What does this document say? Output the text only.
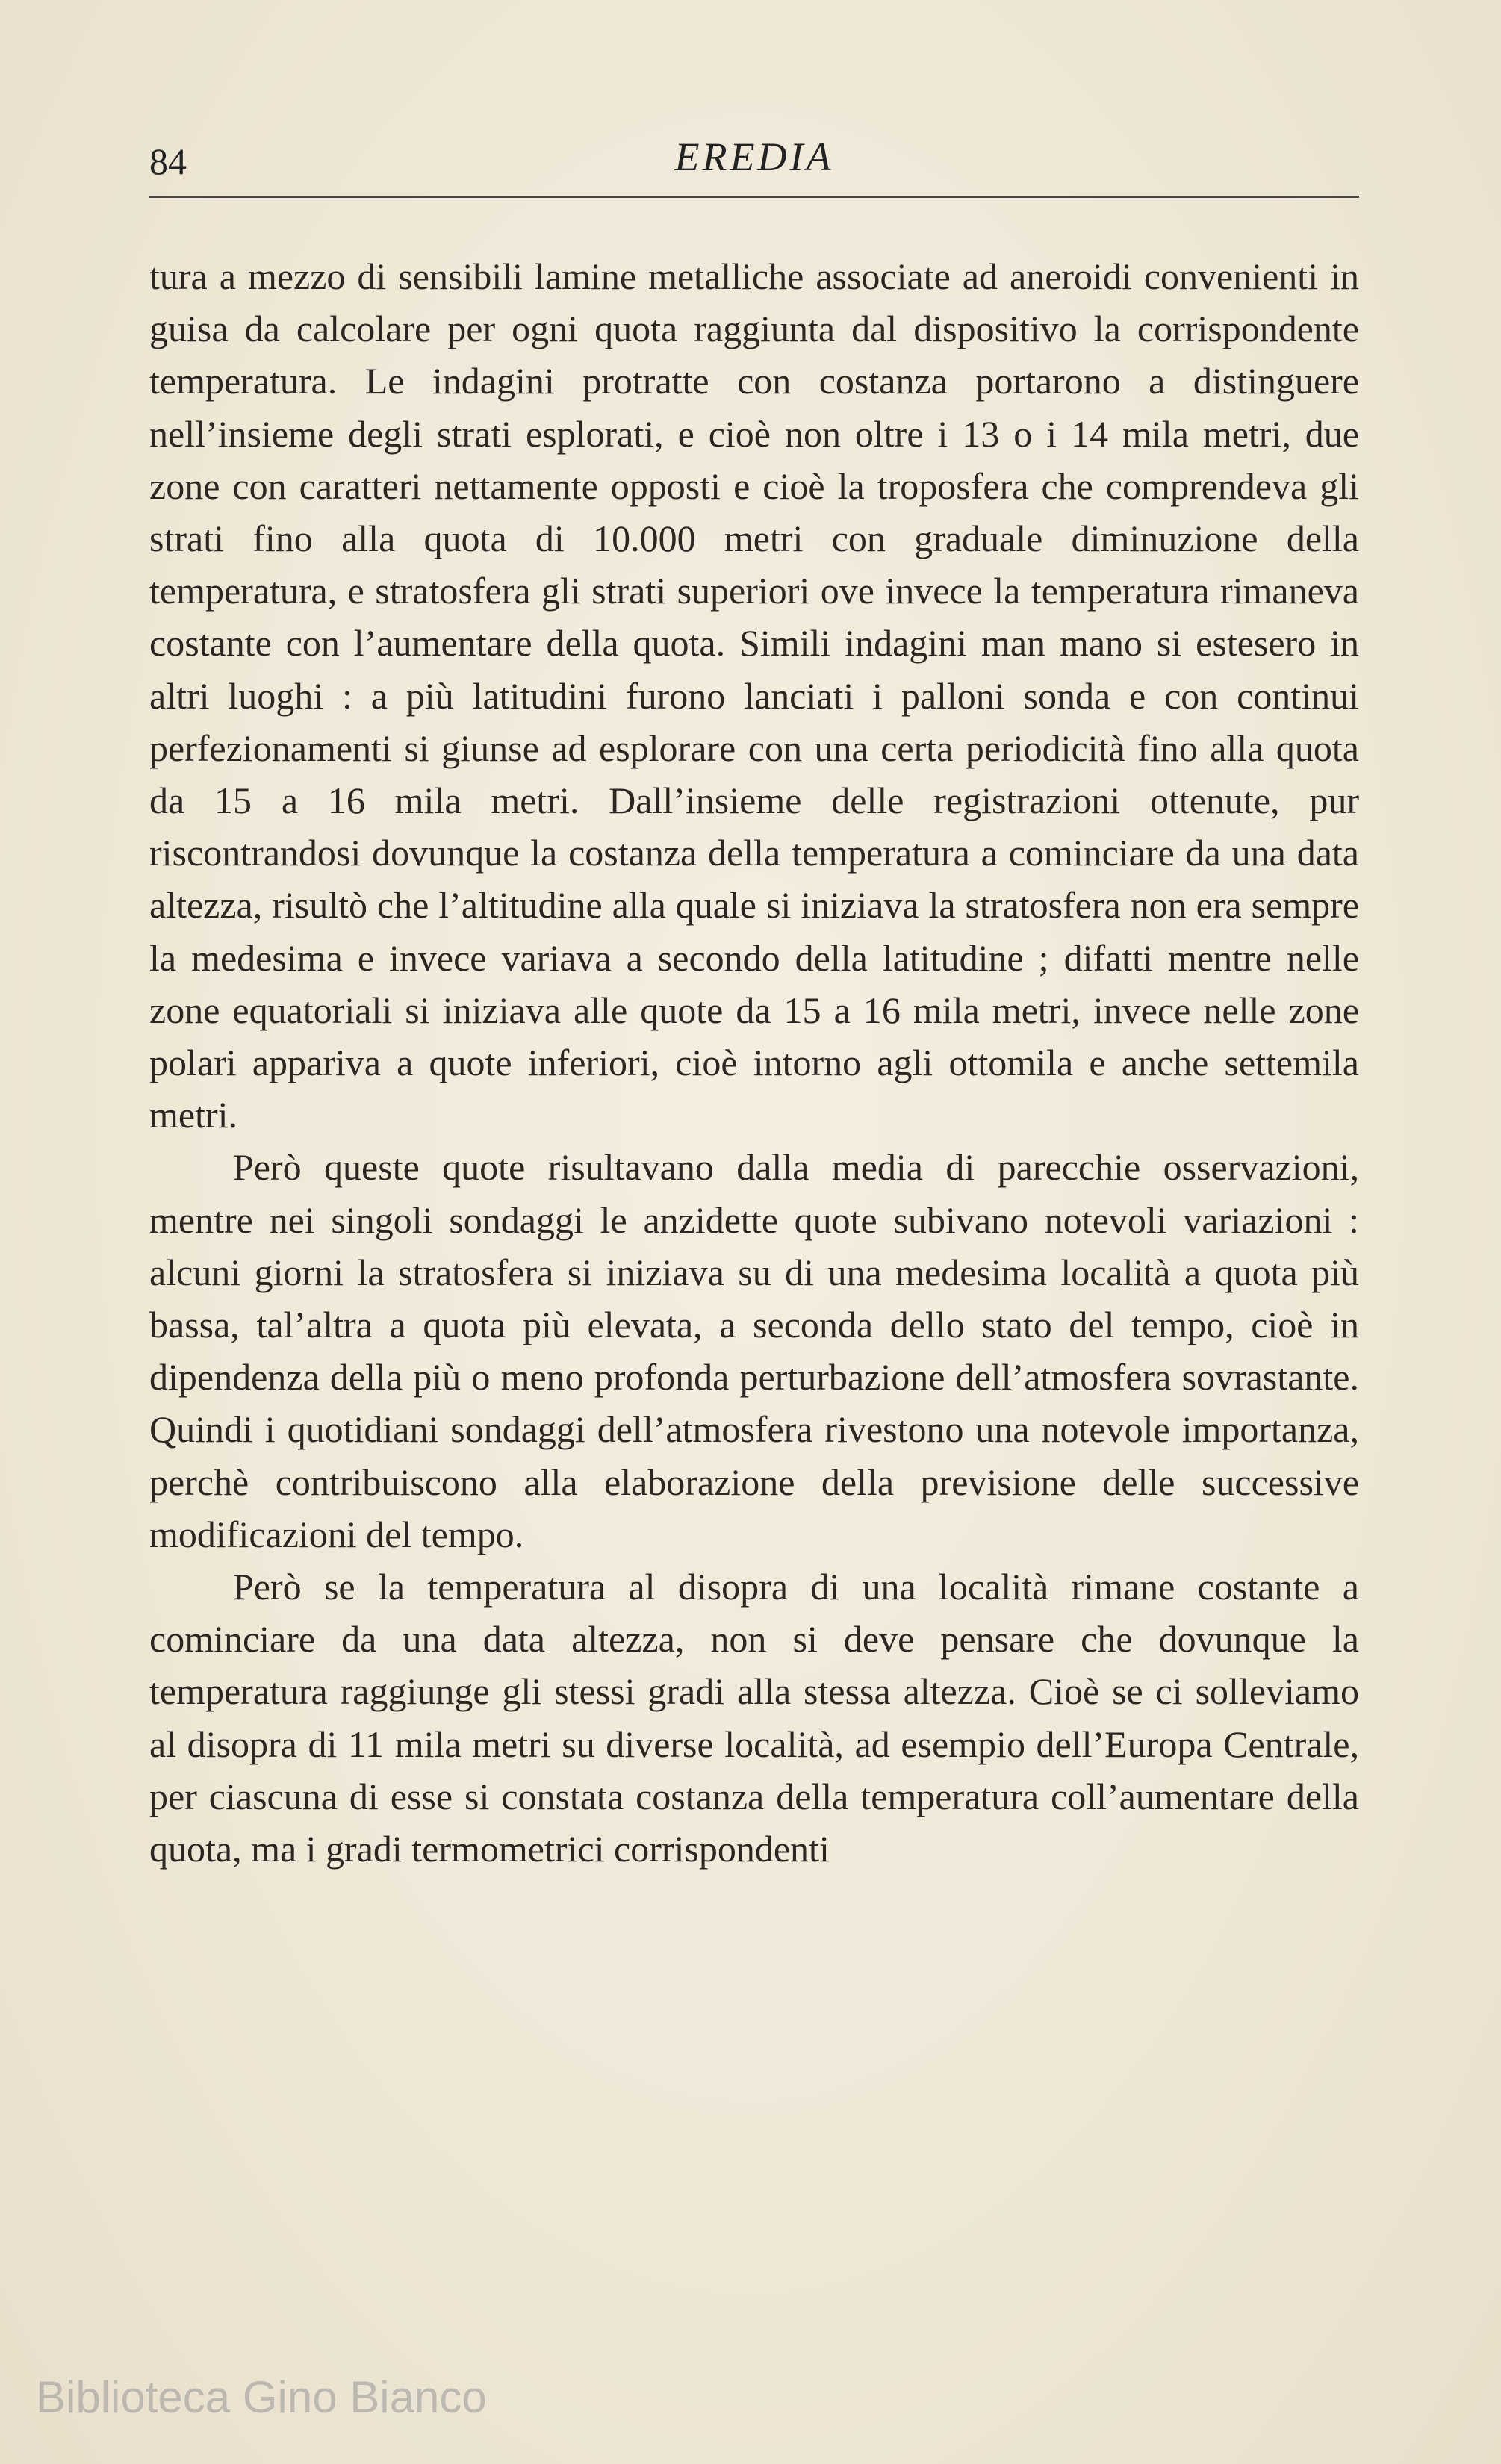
84	EREDIA

tura a mezzo di sensibili lamine metalliche associate ad aneroidi convenienti in guisa da calcolare per ogni quota raggiunta dal dispositivo la corrispondente temperatura. Le indagini protratte con costanza portarono a distinguere nell’insieme degli strati esplorati, e cioè non oltre i 13 o i 14 mila metri, due zone con caratteri nettamente opposti e cioè la troposfera che comprendeva gli strati fino alla quota di 10.000 metri con graduale diminuzione della temperatura, e stratosfera gli strati superiori ove invece la temperatura rimaneva costante con l’aumentare della quota. Simili indagini man mano si estesero in altri luoghi : a più latitudini furono lanciati i palloni sonda e con continui perfezionamenti si giunse ad esplorare con una certa periodicità fino alla quota da 15 a 16 mila metri. Dall’insieme delle registrazioni ottenute, pur riscontrandosi dovunque la costanza della temperatura a cominciare da una data altezza, risultò che l’altitudine alla quale si iniziava la stratosfera non era sempre la medesima e invece variava a secondo della latitudine ; difatti mentre nelle zone equatoriali si iniziava alle quote da 15 a 16 mila metri, invece nelle zone polari appariva a quote inferiori, cioè intorno agli ottomila e anche settemila metri.

Però queste quote risultavano dalla media di parecchie osservazioni, mentre nei singoli sondaggi le anzidette quote subivano notevoli variazioni : alcuni giorni la stratosfera si iniziava su di una medesima località a quota più bassa, tal’altra a quota più elevata, a seconda dello stato del tempo, cioè in dipendenza della più o meno profonda perturbazione dell’atmosfera sovrastante. Quindi i quotidiani sondaggi dell’atmosfera rivestono una notevole importanza, perchè contribuiscono alla elaborazione della previsione delle successive modificazioni del tempo.

Però se la temperatura al disopra di una località rimane costante a cominciare da una data altezza, non si deve pensare che dovunque la temperatura raggiunge gli stessi gradi alla stessa altezza. Cioè se ci solleviamo al disopra di 11 mila metri su diverse località, ad esempio dell’Europa Centrale, per ciascuna di esse si constata costanza della temperatura coll’aumentare della quota, ma i gradi termometrici corrispondenti

Biblioteca Gino Bianco
